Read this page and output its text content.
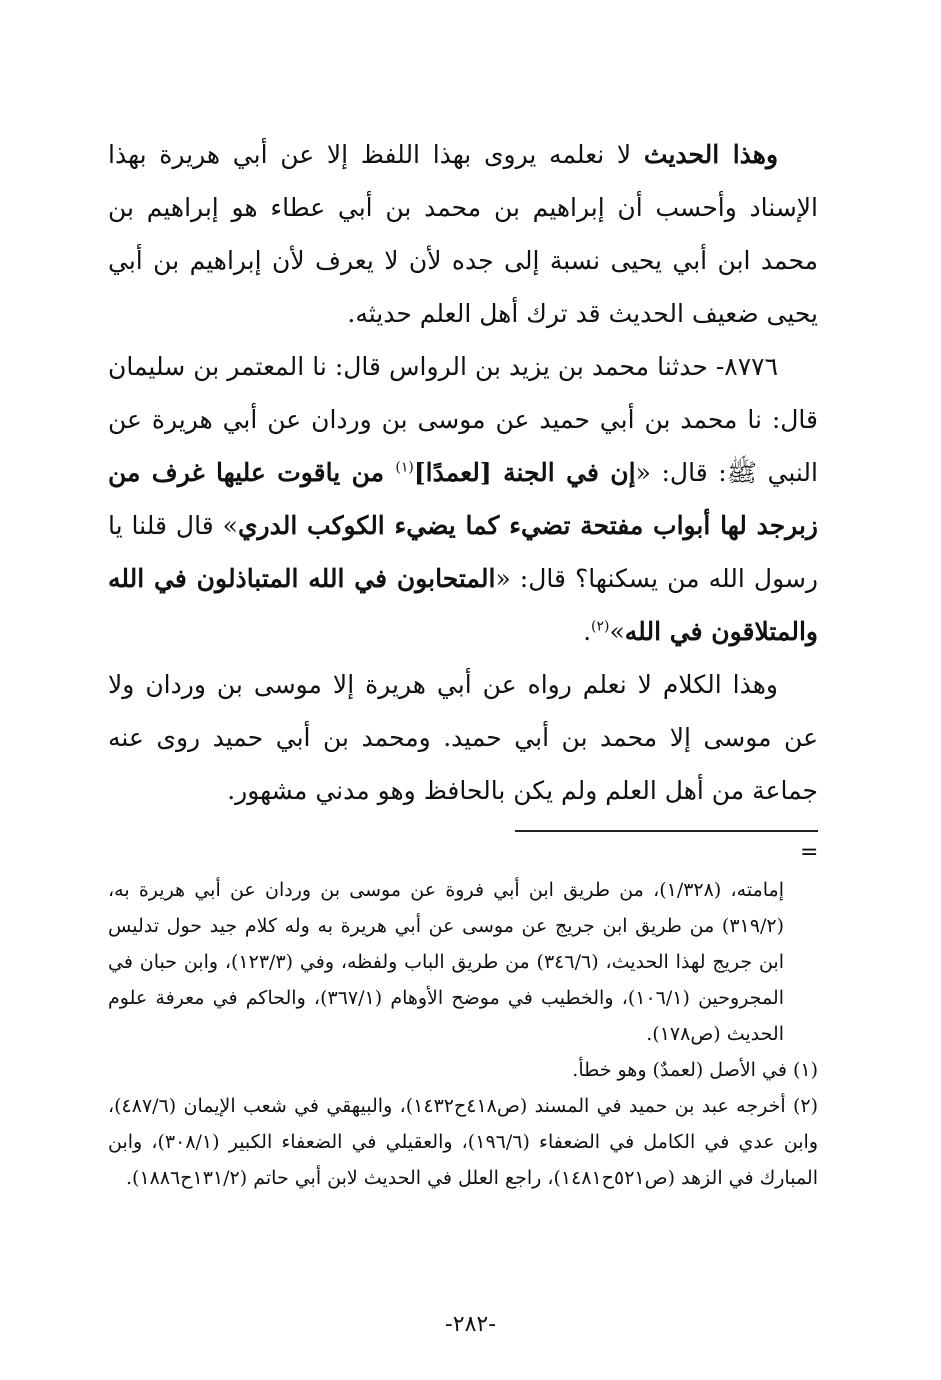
وهذا الحديث لا نعلمه يروى بهذا اللفظ إلا عن أبي هريرة بهذا الإسناد وأحسب أن إبراهيم بن محمد بن أبي عطاء هو إبراهيم بن محمد ابن أبي يحيى نسبة إلى جده لأن لا يعرف لأن إبراهيم بن أبي يحيى ضعيف الحديث قد ترك أهل العلم حديثه.

٨٧٧٦- حدثنا محمد بن يزيد بن الرواس قال: نا المعتمر بن سليمان قال: نا محمد بن أبي حميد عن موسى بن وردان عن أبي هريرة عن النبي ﷺ: قال: «إن في الجنة [لعمدًا]$^{(١)}$ من ياقوت عليها غرف من زبرجد لها أبواب مفتحة تضيء كما يضيء الكوكب الدري» قال قلنا يا رسول الله من يسكنها؟ قال: «المتحابون في الله المتباذلون في الله والمتلاقون في الله»$^{(٢)}$.

وهذا الكلام لا نعلم رواه عن أبي هريرة إلا موسى بن وردان ولا عن موسى إلا محمد بن أبي حميد. ومحمد بن أبي حميد روى عنه جماعة من أهل العلم ولم يكن بالحافظ وهو مدني مشهور.

=

إمامته، (١/٣٢٨)، من طريق ابن أبي فروة عن موسى بن وردان عن أبي هريرة به، (٣١٩/٢) من طريق ابن جريج عن موسى عن أبي هريرة به وله كلام جيد حول تدليس ابن جريج لهذا الحديث، (٣٤٦/٦) من طريق الباب ولفظه، وفي (١٢٣/٣)، وابن حبان في المجروحين (١٠٦/١)، والخطيب في موضح الأوهام (٣٦٧/١)، والحاكم في معرفة علوم الحديث (ص١٧٨).

(١) في الأصل (لعمدٌ) وهو خطأ.

(٢) أخرجه عبد بن حميد في المسند (ص٤١٨ح١٤٣٢)، والبيهقي في شعب الإيمان (٤٨٧/٦)، وابن عدي في الكامل في الضعفاء (١٩٦/٦)، والعقيلي في الضعفاء الكبير (٣٠٨/١)، وابن المبارك في الزهد (ص٥٢١ح١٤٨١)، راجع العلل في الحديث لابن أبي حاتم (١٣١/٢ح١٨٨٦).

-٢٨٢-
